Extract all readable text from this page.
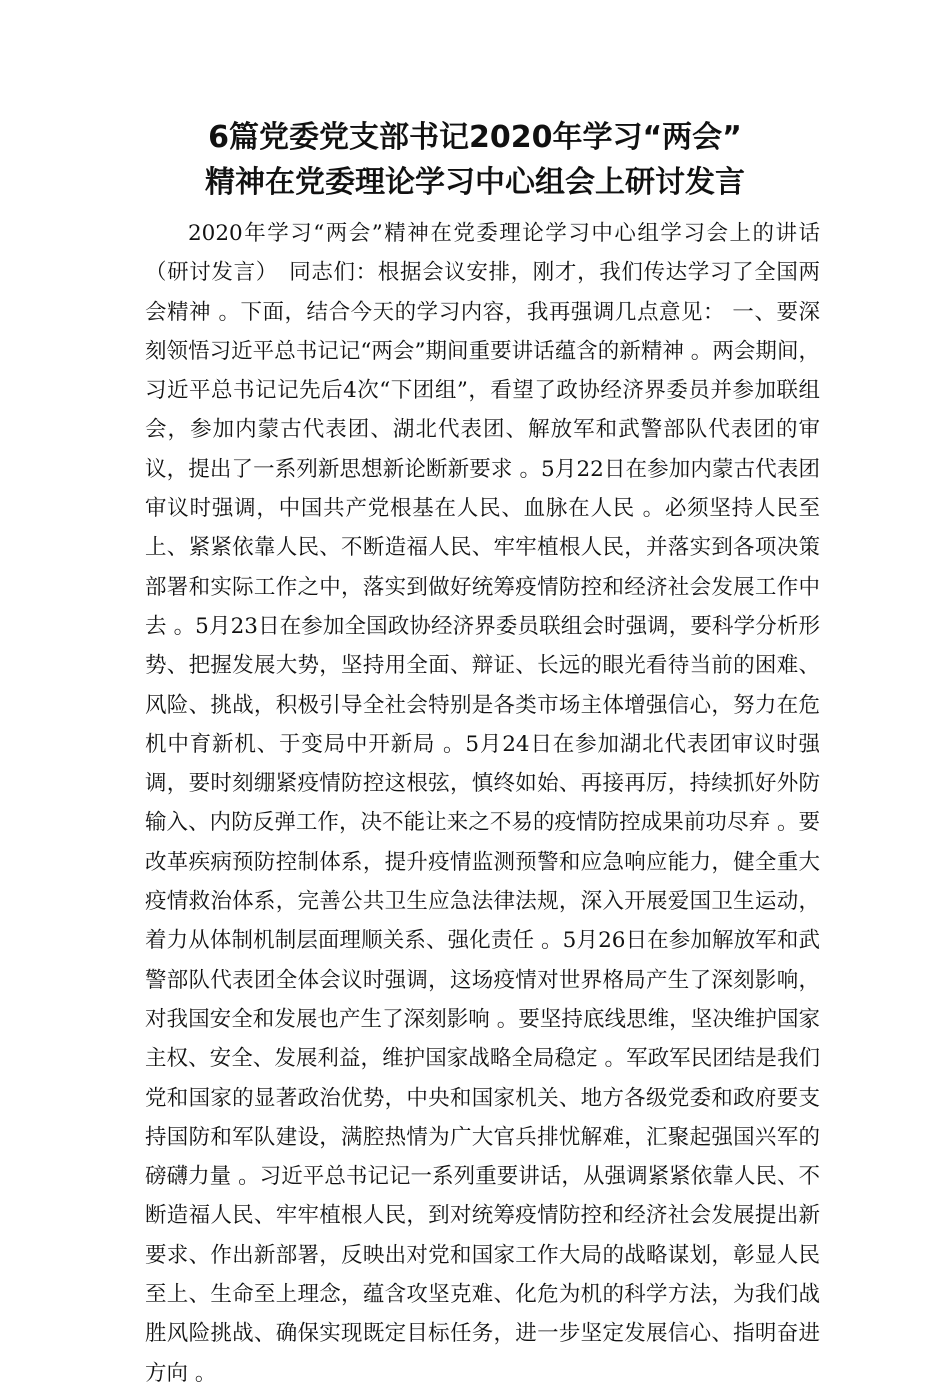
6篇党委党支部书记2020年学习“两会”
精神在党委理论学习中心组会上研讨发言

2020年学习“两会”精神在党委理论学习中心组学习会上的讲话（研讨发言）　同志们：根据会议安排，刚才，我们传达学习了全国两会精神 。下面，结合今天的学习内容，我再强调几点意见： 一、要深刻领悟习近平总书记记“两会”期间重要讲话蕴含的新精神 。两会期间，习近平总书记记先后4次“下团组”，看望了政协经济界委员并参加联组会，参加内蒙古代表团、湖北代表团、解放军和武警部队代表团的审议，提出了一系列新思想新论断新要求 。5月22日在参加内蒙古代表团审议时强调，中国共产党根基在人民、血脉在人民 。必须坚持人民至上、紧紧依靠人民、不断造福人民、牢牢植根人民，并落实到各项决策部署和实际工作之中，落实到做好统筹疫情防控和经济社会发展工作中去 。5月23日在参加全国政协经济界委员联组会时强调，要科学分析形势、把握发展大势，坚持用全面、辩证、长远的眼光看待当前的困难、风险、挑战，积极引导全社会特别是各类市场主体增强信心，努力在危机中育新机、于变局中开新局 。5月24日在参加湖北代表团审议时强调，要时刻绷紧疫情防控这根弦，慎终如始、再接再厉，持续抓好外防输入、内防反弹工作，决不能让来之不易的疫情防控成果前功尽弃 。要改革疾病预防控制体系，提升疫情监测预警和应急响应能力，健全重大疫情救治体系，完善公共卫生应急法律法规，深入开展爱国卫生运动，着力从体制机制层面理顺关系、强化责任 。5月26日在参加解放军和武警部队代表团全体会议时强调，这场疫情对世界格局产生了深刻影响，对我国安全和发展也产生了深刻影响 。要坚持底线思维，坚决维护国家主权、安全、发展利益，维护国家战略全局稳定 。军政军民团结是我们党和国家的显著政治优势，中央和国家机关、地方各级党委和政府要支持国防和军队建设，满腔热情为广大官兵排忧解难，汇聚起强国兴军的磅礴力量 。习近平总书记记一系列重要讲话，从强调紧紧依靠人民、不断造福人民、牢牢植根人民，到对统筹疫情防控和经济社会发展提出新要求、作出新部署，反映出对党和国家工作大局的战略谋划，彰显人民至上、生命至上理念，蕴含攻坚克难、化危为机的科学方法，为我们战胜风险挑战、确保实现既定目标任务，进一步坚定发展信心、指明奋进方向 。
